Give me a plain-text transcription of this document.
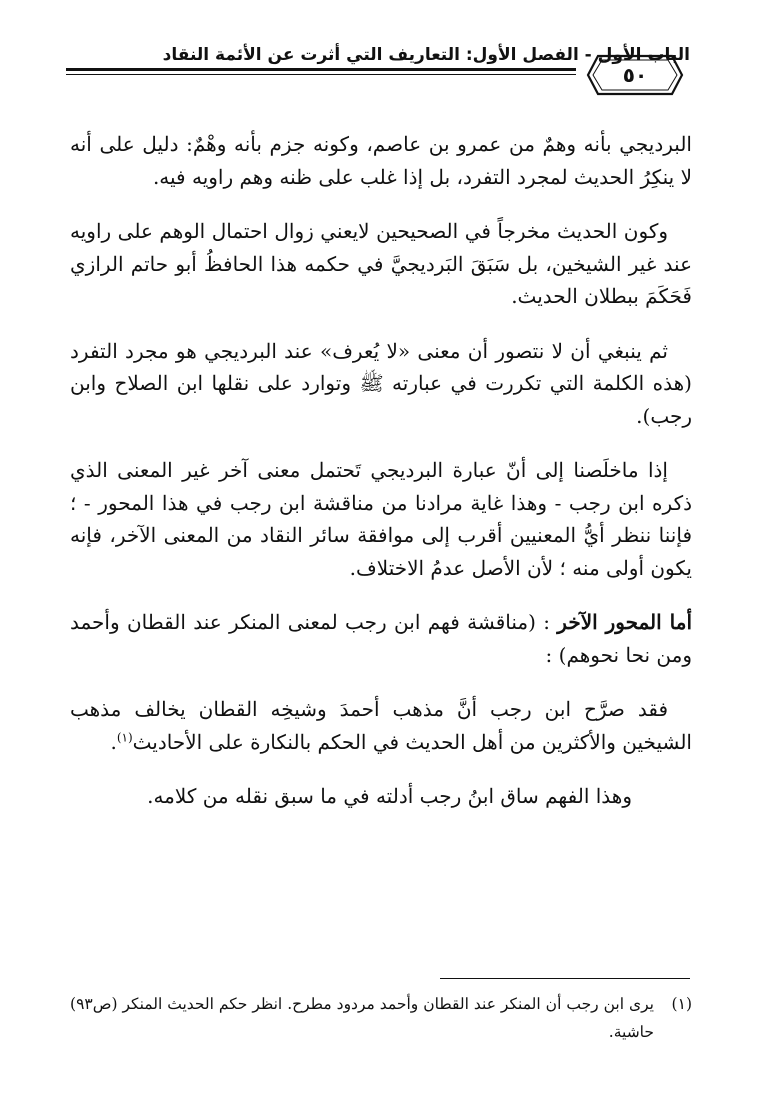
الباب الأول - الفصل الأول: التعاريف التي أثرت عن الأئمة النقاد
٥٠

البرديجي بأنه وهمٌ من عمرو بن عاصم، وكونه جزم بأنه وهْمٌ: دليل على أنه لا ينكِرُ الحديث لمجرد التفرد، بل إذا غلب على ظنه وهم راويه فيه.

وكون الحديث مخرجاً في الصحيحين لايعني زوال احتمال الوهم على راويه عند غير الشيخين، بل سَبَقَ البَرديجيَّ في حكمه هذا الحافظُ أبو حاتم الرازي فَحَكَمَ ببطلان الحديث.

ثم ينبغي أن لا نتصور أن معنى «لا يُعرف» عند البرديجي هو مجرد التفرد (هذه الكلمة التي تكررت في عبارته ﷺ وتوارد على نقلها ابن الصلاح وابن رجب).

إذا ماخلَصنا إلى أنّ عبارة البرديجي تَحتمل معنى آخر غير المعنى الذي ذكره ابن رجب - وهذا غاية مرادنا من مناقشة ابن رجب في هذا المحور - ؛ فإننا ننظر أيُّ المعنيين أقرب إلى موافقة سائر النقاد من المعنى الآخر، فإنه يكون أولى منه ؛ لأن الأصل عدمُ الاختلاف.

أما المحور الآخر : (مناقشة فهم ابن رجب لمعنى المنكر عند القطان وأحمد ومن نحا نحوهم) :

فقد صرَّح ابن رجب أنَّ مذهب أحمدَ وشيخِه القطان يخالف مذهب الشيخين والأكثرين من أهل الحديث في الحكم بالنكارة على الأحاديث$^{(١)}$.

وهذا الفهم ساق ابنُ رجب أدلته في ما سبق نقله من كلامه.

(١)
يرى ابن رجب أن المنكر عند القطان وأحمد مردود مطرح. انظر حكم الحديث المنكر (ص٩٣) حاشية.
